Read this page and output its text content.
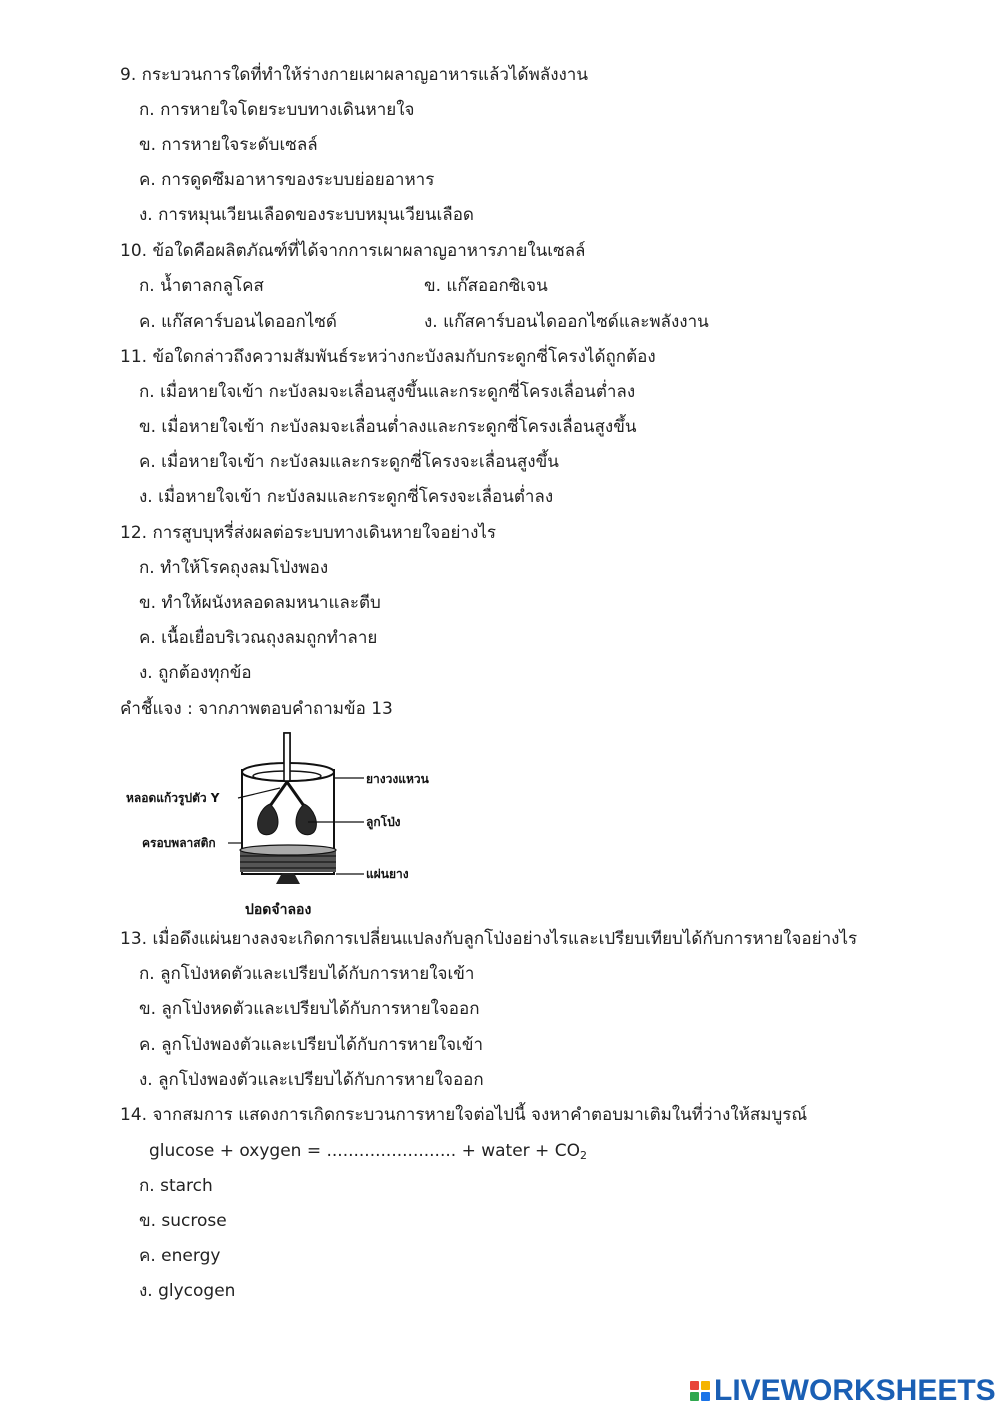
9. กระบวนการใดที่ทำให้ร่างกายเผาผลาญอาหารแล้วได้พลังงาน
ก. การหายใจโดยระบบทางเดินหายใจ
ข. การหายใจระดับเซลล์
ค. การดูดซึมอาหารของระบบย่อยอาหาร
ง. การหมุนเวียนเลือดของระบบหมุนเวียนเลือด
10. ข้อใดคือผลิตภัณฑ์ที่ได้จากการเผาผลาญอาหารภายในเซลล์
ก. น้ำตาลกลูโคส	ข. แก๊สออกซิเจน
ค. แก๊สคาร์บอนไดออกไซด์	ง. แก๊สคาร์บอนไดออกไซด์และพลังงาน
11. ข้อใดกล่าวถึงความสัมพันธ์ระหว่างกะบังลมกับกระดูกซี่โครงได้ถูกต้อง
ก. เมื่อหายใจเข้า กะบังลมจะเลื่อนสูงขึ้นและกระดูกซี่โครงเลื่อนต่ำลง
ข. เมื่อหายใจเข้า กะบังลมจะเลื่อนต่ำลงและกระดูกซี่โครงเลื่อนสูงขึ้น
ค. เมื่อหายใจเข้า กะบังลมและกระดูกซี่โครงจะเลื่อนสูงขึ้น
ง. เมื่อหายใจเข้า กะบังลมและกระดูกซี่โครงจะเลื่อนต่ำลง
12. การสูบบุหรี่ส่งผลต่อระบบทางเดินหายใจอย่างไร
ก. ทำให้โรคถุงลมโป่งพอง
ข. ทำให้ผนังหลอดลมหนาและตีบ
ค. เนื้อเยื่อบริเวณถุงลมถูกทำลาย
ง. ถูกต้องทุกข้อ
คำชี้แจง : จากภาพตอบคำถามข้อ 13
ยางวงแหวน
หลอดแก้วรูปตัว Y
ลูกโป่ง
ครอบพลาสติก
แผ่นยาง
ปอดจำลอง
13. เมื่อดึงแผ่นยางลงจะเกิดการเปลี่ยนแปลงกับลูกโป่งอย่างไรและเปรียบเทียบได้กับการหายใจอย่างไร
ก. ลูกโป่งหดตัวและเปรียบได้กับการหายใจเข้า
ข. ลูกโป่งหดตัวและเปรียบได้กับการหายใจออก
ค. ลูกโป่งพองตัวและเปรียบได้กับการหายใจเข้า
ง. ลูกโป่งพองตัวและเปรียบได้กับการหายใจออก
14. จากสมการ แสดงการเกิดกระบวนการหายใจต่อไปนี้ จงหาคำตอบมาเติมในที่ว่างให้สมบูรณ์
glucose + oxygen = ........................ + water + $CO_2$
ก. starch
ข. sucrose
ค. energy
ง. glycogen
LIVEWORKSHEETS
